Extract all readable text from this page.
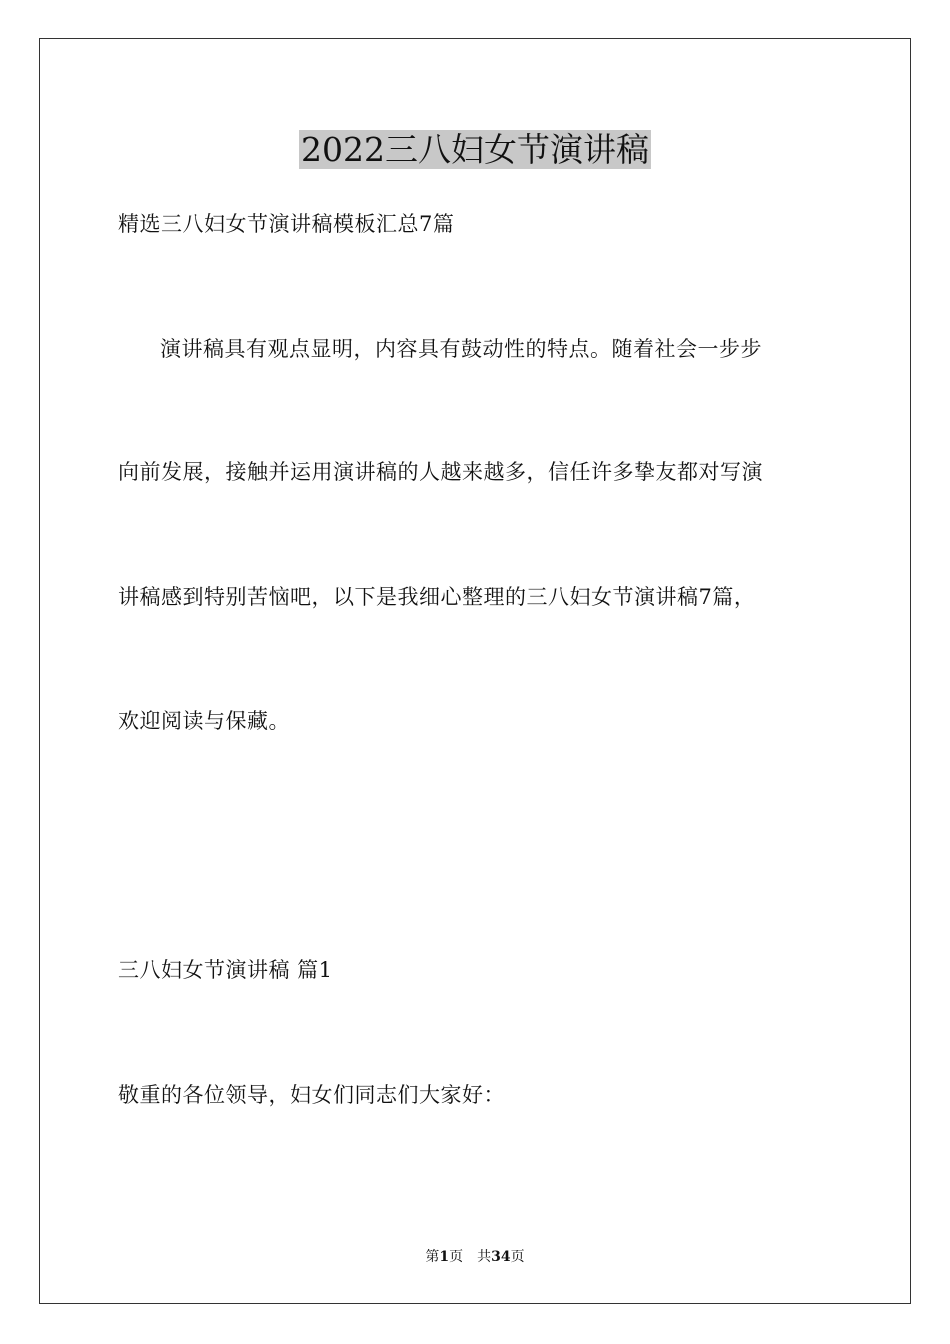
2022三八妇女节演讲稿
精选三八妇女节演讲稿模板汇总7篇
演讲稿具有观点显明，内容具有鼓动性的特点。随着社会一步步
向前发展，接触并运用演讲稿的人越来越多，信任许多挚友都对写演
讲稿感到特别苦恼吧，以下是我细心整理的三八妇女节演讲稿7篇，
欢迎阅读与保藏。
三八妇女节演讲稿 篇1
敬重的各位领导，妇女们同志们大家好：
第1页 共34页
